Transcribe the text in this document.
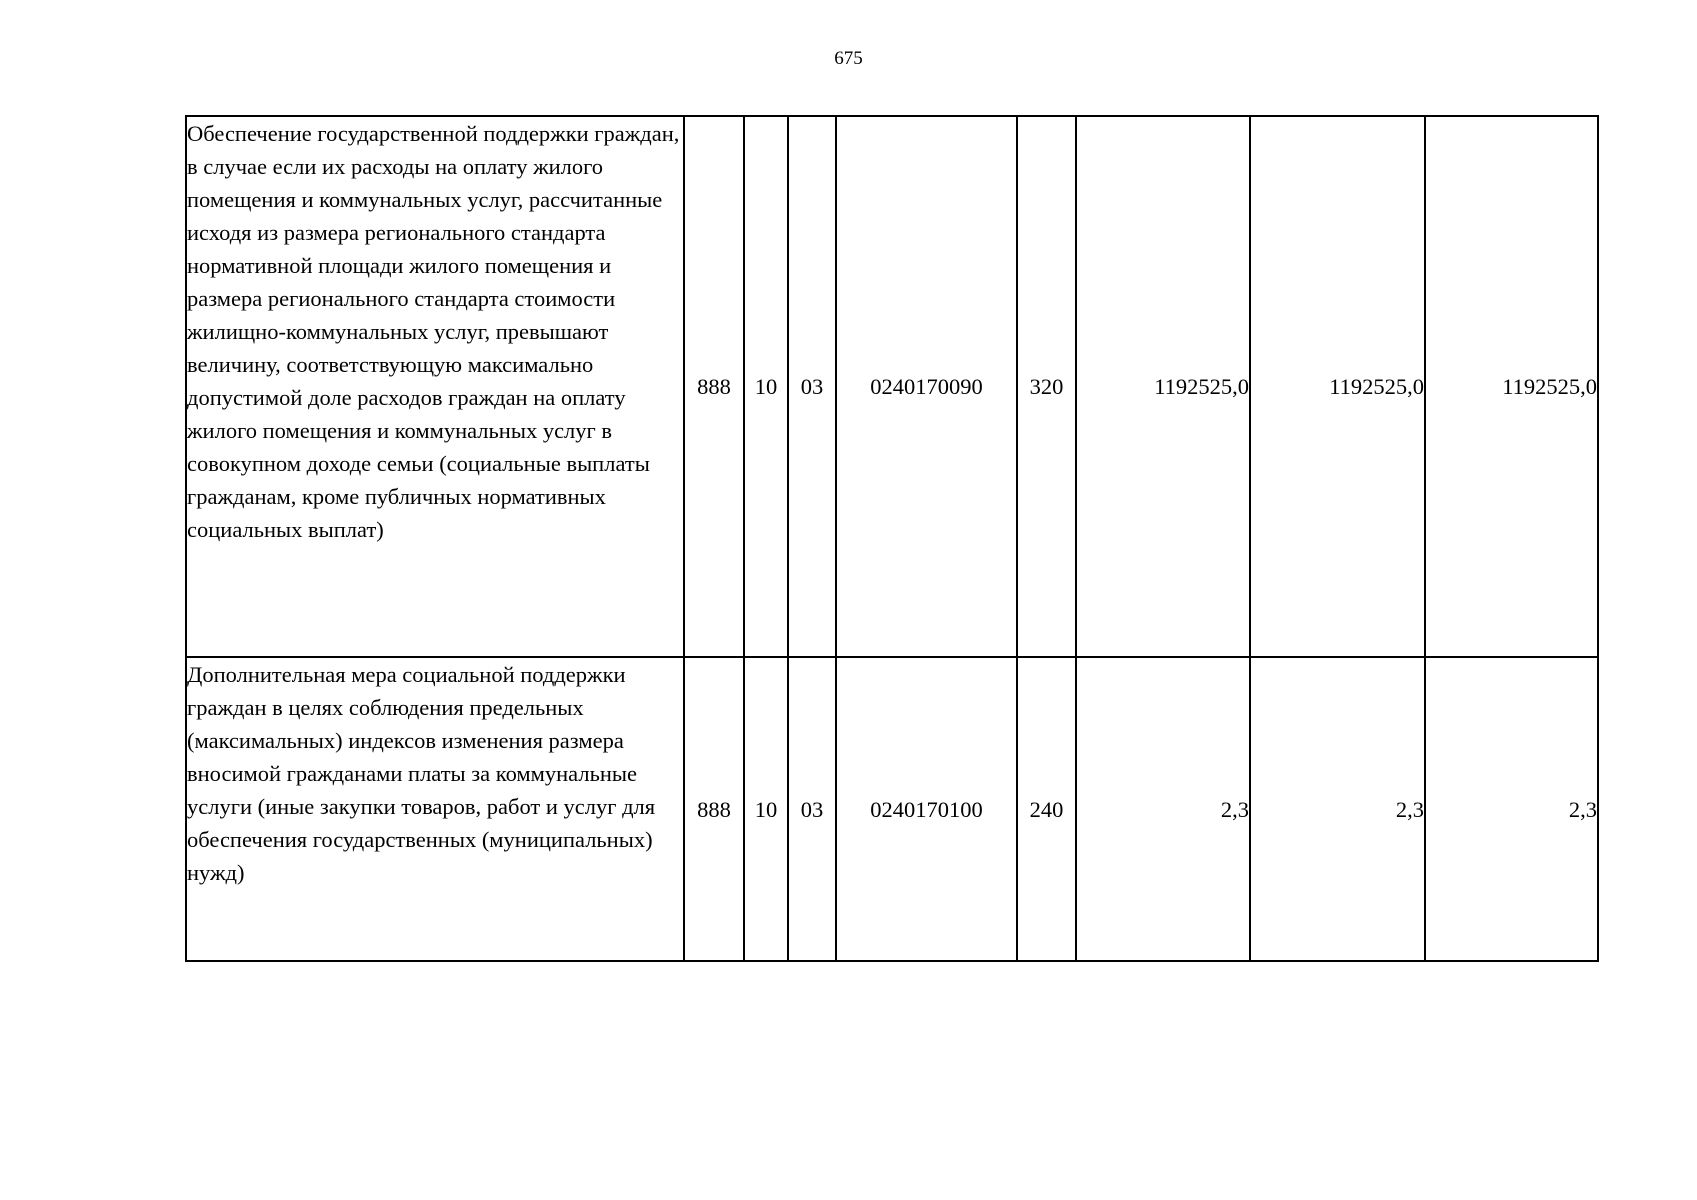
675
Обеспечение государственной поддержки граждан, в случае если их расходы на оплату жилого помещения и коммунальных услуг, рассчитанные исходя из размера регионального стандарта нормативной площади жилого помещения и размера регионального стандарта стоимости жилищно-коммунальных услуг, превышают величину, соответствующую максимально допустимой доле расходов граждан на оплату жилого помещения и коммунальных услуг в совокупном доходе семьи (социальные выплаты гражданам, кроме публичных нормативных социальных выплат)	888	10	03	0240170090	320	1192525,0	1192525,0	1192525,0

Дополнительная мера социальной поддержки граждан в целях соблюдения предельных (максимальных) индексов изменения размера вносимой гражданами платы за коммунальные услуги (иные закупки товаров, работ и услуг для обеспечения государственных (муниципальных) нужд)	888	10	03	0240170100	240	2,3	2,3	2,3
